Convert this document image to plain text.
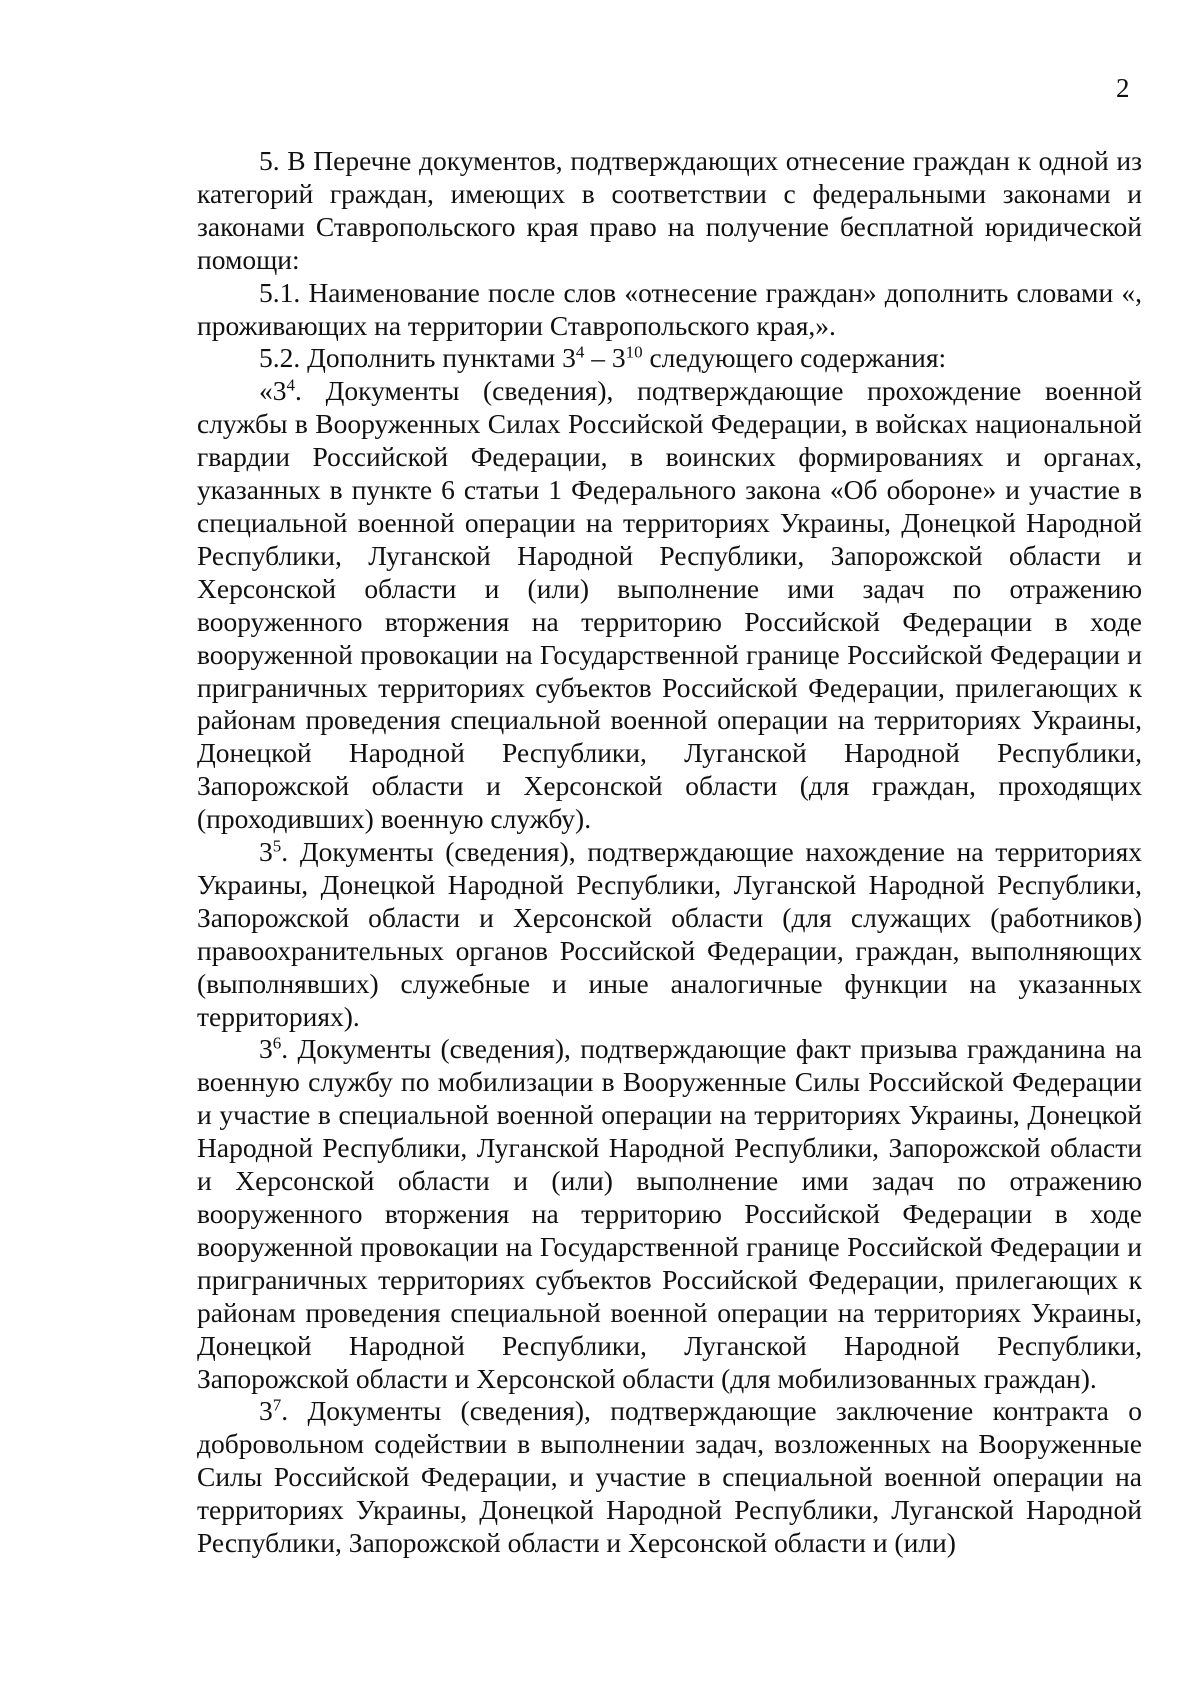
2

5. В Перечне документов, подтверждающих отнесение граждан к одной из категорий граждан, имеющих в соответствии с федеральными законами и законами Ставропольского края право на получение бесплатной юридической помощи:

5.1. Наименование после слов «отнесение граждан» дополнить словами «, проживающих на территории Ставропольского края,».

5.2. Дополнить пунктами $3^4 - 3^{10}$ следующего содержания:

«$3^4$. Документы (сведения), подтверждающие прохождение военной службы в Вооруженных Силах Российской Федерации, в войсках национальной гвардии Российской Федерации, в воинских формированиях и органах, указанных в пункте 6 статьи 1 Федерального закона «Об обороне» и участие в специальной военной операции на территориях Украины, Донецкой Народной Республики, Луганской Народной Республики, Запорожской области и Херсонской области и (или) выполнение ими задач по отражению вооруженного вторжения на территорию Российской Федерации в ходе вооруженной провокации на Государственной границе Российской Федерации и приграничных территориях субъектов Российской Федерации, прилегающих к районам проведения специальной военной операции на территориях Украины, Донецкой Народной Республики, Луганской Народной Республики, Запорожской области и Херсонской области (для граждан, проходящих (проходивших) военную службу).

$3^5$. Документы (сведения), подтверждающие нахождение на территориях Украины, Донецкой Народной Республики, Луганской Народной Республики, Запорожской области и Херсонской области (для служащих (работников) правоохранительных органов Российской Федерации, граждан, выполняющих (выполнявших) служебные и иные аналогичные функции на указанных территориях).

$3^6$. Документы (сведения), подтверждающие факт призыва гражданина на военную службу по мобилизации в Вооруженные Силы Российской Федерации и участие в специальной военной операции на территориях Украины, Донецкой Народной Республики, Луганской Народной Республики, Запорожской области и Херсонской области и (или) выполнение ими задач по отражению вооруженного вторжения на территорию Российской Федерации в ходе вооруженной провокации на Государственной границе Российской Федерации и приграничных территориях субъектов Российской Федерации, прилегающих к районам проведения специальной военной операции на территориях Украины, Донецкой Народной Республики, Луганской Народной Республики, Запорожской области и Херсонской области (для мобилизованных граждан).

$3^7$. Документы (сведения), подтверждающие заключение контракта о добровольном содействии в выполнении задач, возложенных на Вооруженные Силы Российской Федерации, и участие в специальной военной операции на территориях Украины, Донецкой Народной Республики, Луганской Народной Республики, Запорожской области и Херсонской области и (или)
